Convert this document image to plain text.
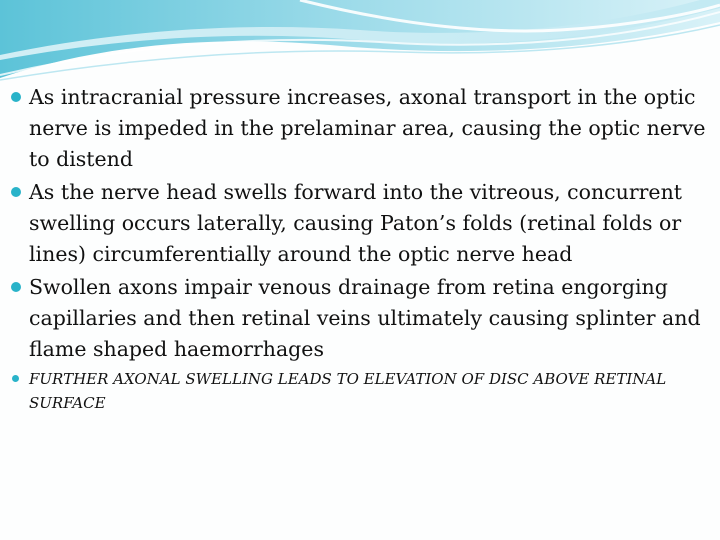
As intracranial pressure increases, axonal transport in the optic nerve is impeded in the prelaminar area, causing the optic nerve to distend
As the nerve head swells forward into the vitreous, concurrent swelling occurs laterally, causing Paton’s folds (retinal folds or lines) circumferentially around the optic nerve head
Swollen axons impair venous drainage from retina engorging capillaries and then retinal veins ultimately causing splinter and flame shaped haemorrhages
FURTHER AXONAL SWELLING LEADS TO ELEVATION OF DISC ABOVE RETINAL SURFACE
